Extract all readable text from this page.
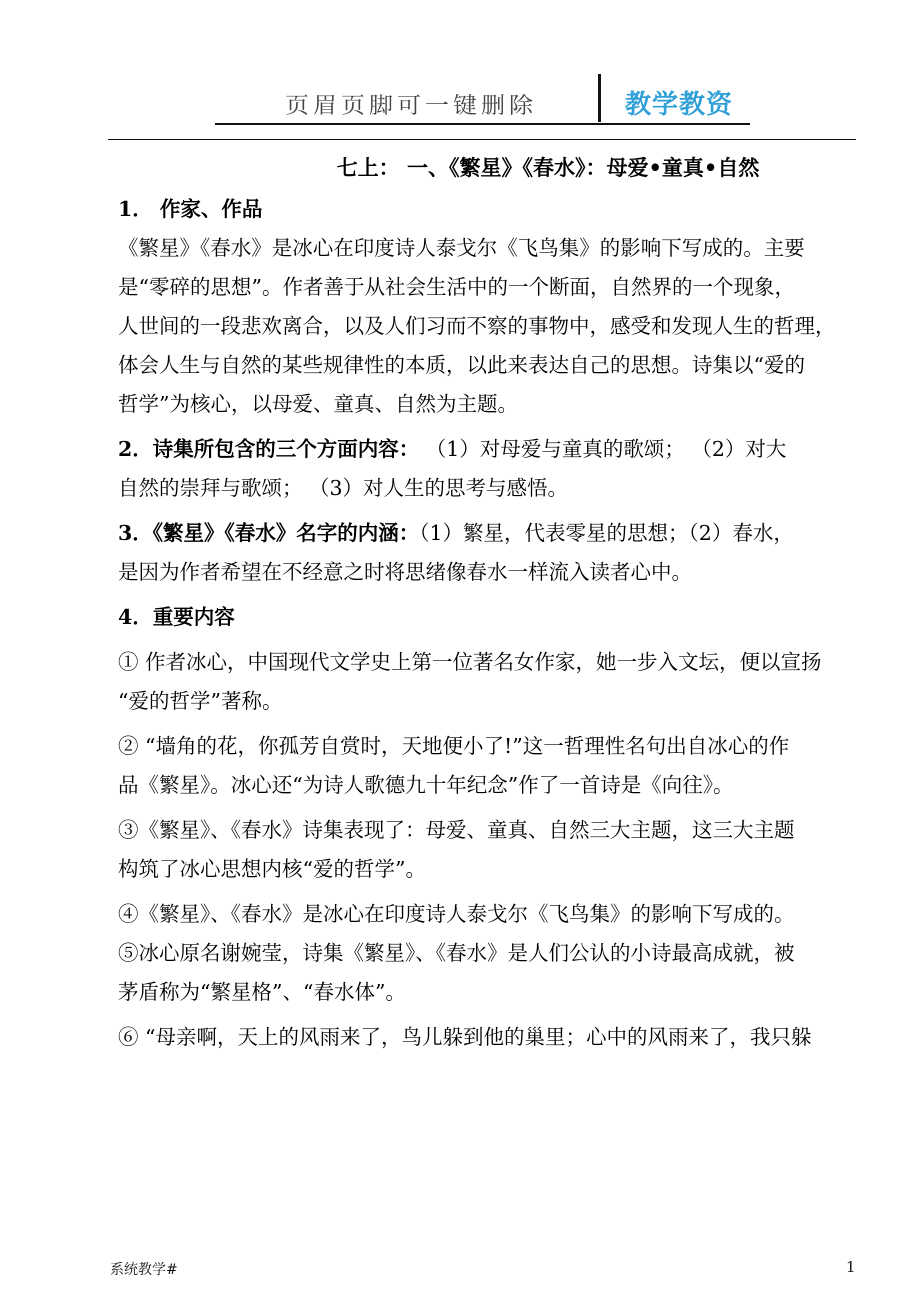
页眉页脚可一键删除	教学教资
七上： 一、《繁星》《春水》：母爱•童真•自然
1． 作家、作品
《繁星》《春水》是冰心在印度诗人泰戈尔《飞鸟集》的影响下写成的。主要
是“零碎的思想”。作者善于从社会生活中的一个断面，自然界的一个现象，
人世间的一段悲欢离合，以及人们习而不察的事物中，感受和发现人生的哲理，
体会人生与自然的某些规律性的本质，以此来表达自己的思想。诗集以“爱的
哲学”为核心，以母爱、童真、自然为主题。
2．诗集所包含的三个方面内容： （1）对母爱与童真的歌颂； （2）对大
自然的崇拜与歌颂； （3）对人生的思考与感悟。
3．《繁星》《春水》名字的内涵：（1）繁星，代表零星的思想；（2）春水，
是因为作者希望在不经意之时将思绪像春水一样流入读者心中。
4．重要内容
① 作者冰心，中国现代文学史上第一位著名女作家，她一步入文坛，便以宣扬
“爱的哲学”著称。
② “墙角的花，你孤芳自赏时，天地便小了!”这一哲理性名句出自冰心的作
品《繁星》。冰心还“为诗人歌德九十年纪念”作了一首诗是《向往》。
③《繁星》、《春水》诗集表现了：母爱、童真、自然三大主题，这三大主题
构筑了冰心思想内核“爱的哲学”。
④《繁星》、《春水》是冰心在印度诗人泰戈尔《飞鸟集》的影响下写成的。
⑤冰心原名谢婉莹，诗集《繁星》、《春水》是人们公认的小诗最高成就，被
茅盾称为“繁星格”、“春水体”。
⑥ “母亲啊，天上的风雨来了，鸟儿躲到他的巢里；心中的风雨来了，我只躲
系统教学#	1
